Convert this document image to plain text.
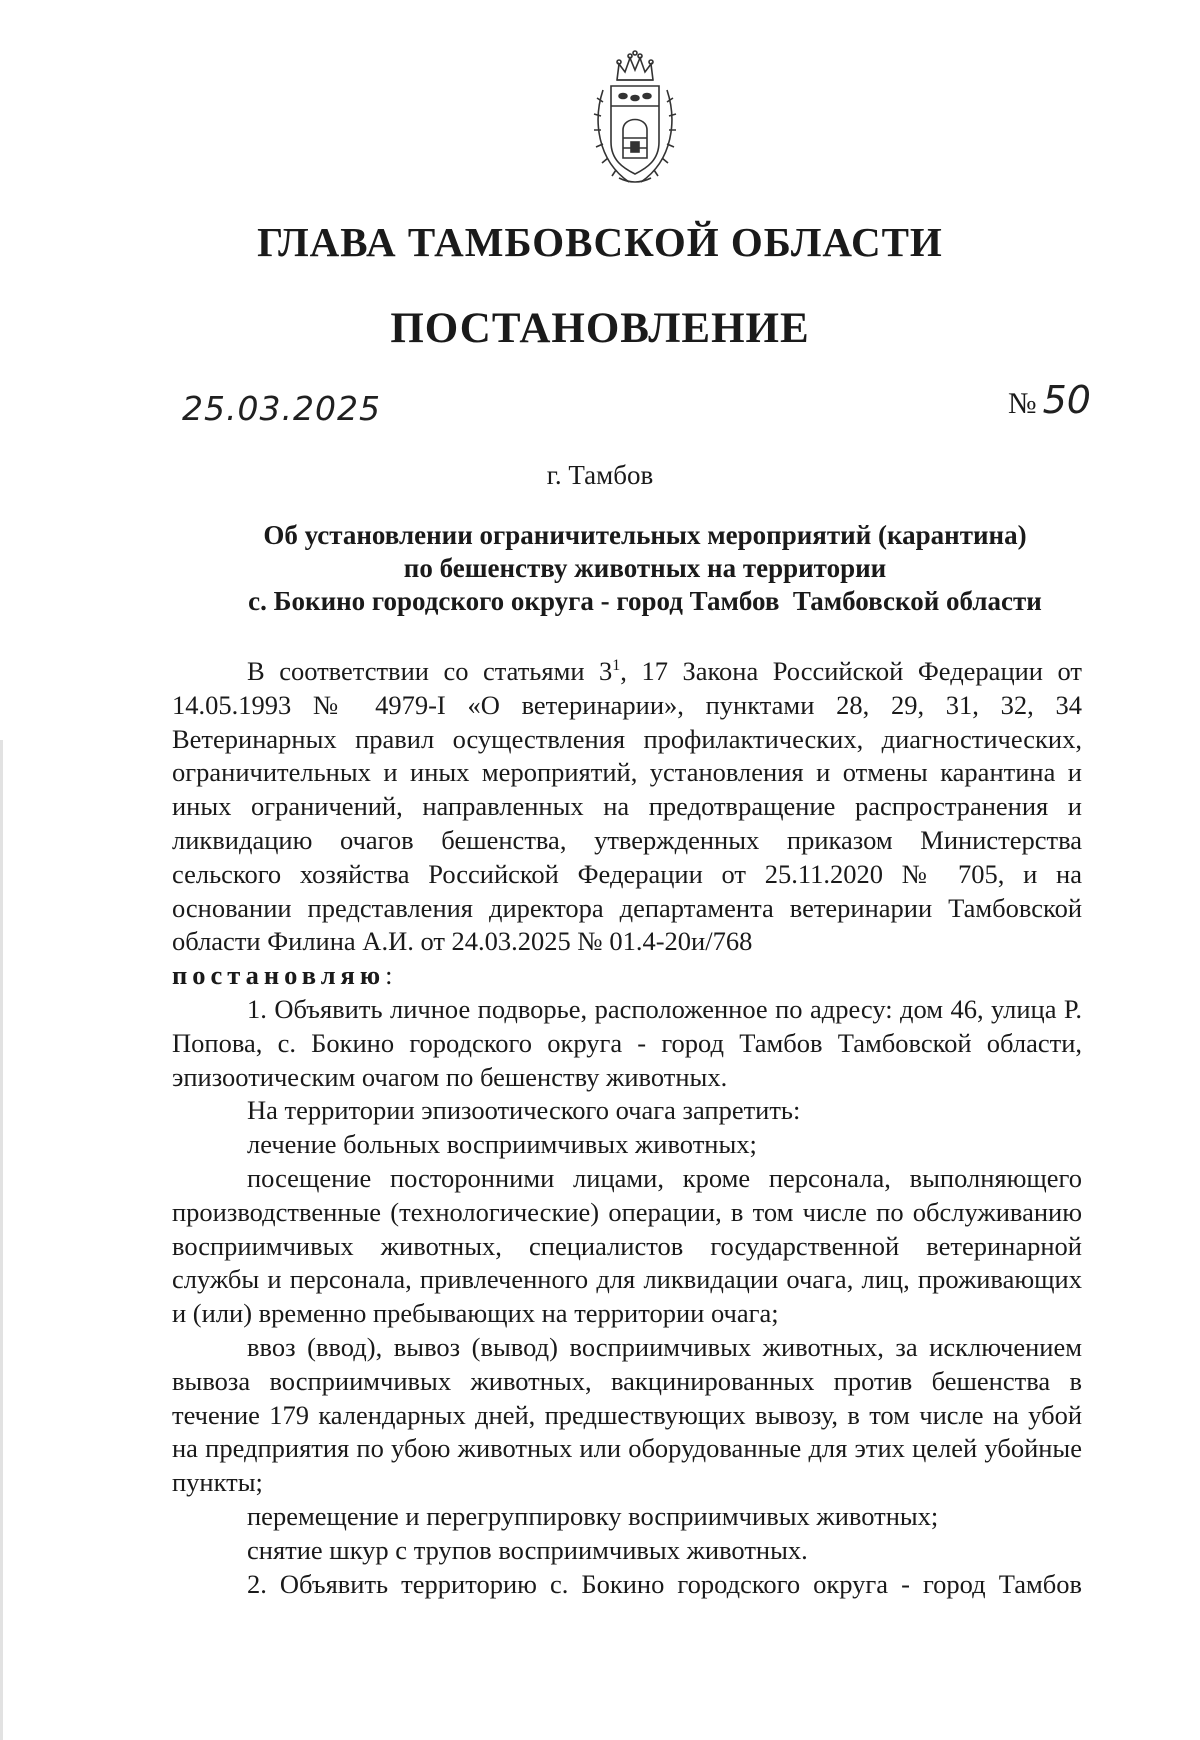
ГЛАВА ТАМБОВСКОЙ ОБЛАСТИ
ПОСТАНОВЛЕНИЕ
25.03.2025	№ 50
г. Тамбов
Об установлении ограничительных мероприятий (карантина)
по бешенству животных на территории
с. Бокино городского округа - город Тамбов  Тамбовской области

В соответствии со статьями $3^1$, 17 Закона Российской Федерации от 14.05.1993 № 4979-I «О ветеринарии», пунктами 28, 29, 31, 32, 34 Ветеринарных правил осуществления профилактических, диагностических, ограничительных и иных мероприятий, установления и отмены карантина и иных ограничений, направленных на предотвращение распространения и ликвидацию очагов бешенства, утвержденных приказом Министерства сельского хозяйства Российской Федерации от 25.11.2020 № 705, и на основании представления директора департамента ветеринарии Тамбовской области Филина А.И. от 24.03.2025 № 01.4-20и/768

постановляю:

1. Объявить личное подворье, расположенное по адресу: дом 46, улица Р. Попова, с. Бокино городского округа - город Тамбов Тамбовской области, эпизоотическим очагом по бешенству животных.

На территории эпизоотического очага запретить:

лечение больных восприимчивых животных;

посещение посторонними лицами, кроме персонала, выполняющего производственные (технологические) операции, в том числе по обслуживанию восприимчивых животных, специалистов государственной ветеринарной службы и персонала, привлеченного для ликвидации очага, лиц, проживающих и (или) временно пребывающих на территории очага;

ввоз (ввод), вывоз (вывод) восприимчивых животных, за исключением вывоза восприимчивых животных, вакцинированных против бешенства в течение 179 календарных дней, предшествующих вывозу, в том числе на убой на предприятия по убою животных или оборудованные для этих целей убойные пункты;

перемещение и перегруппировку восприимчивых животных;

снятие шкур с трупов восприимчивых животных.

2. Объявить территорию с. Бокино городского округа - город Тамбов
